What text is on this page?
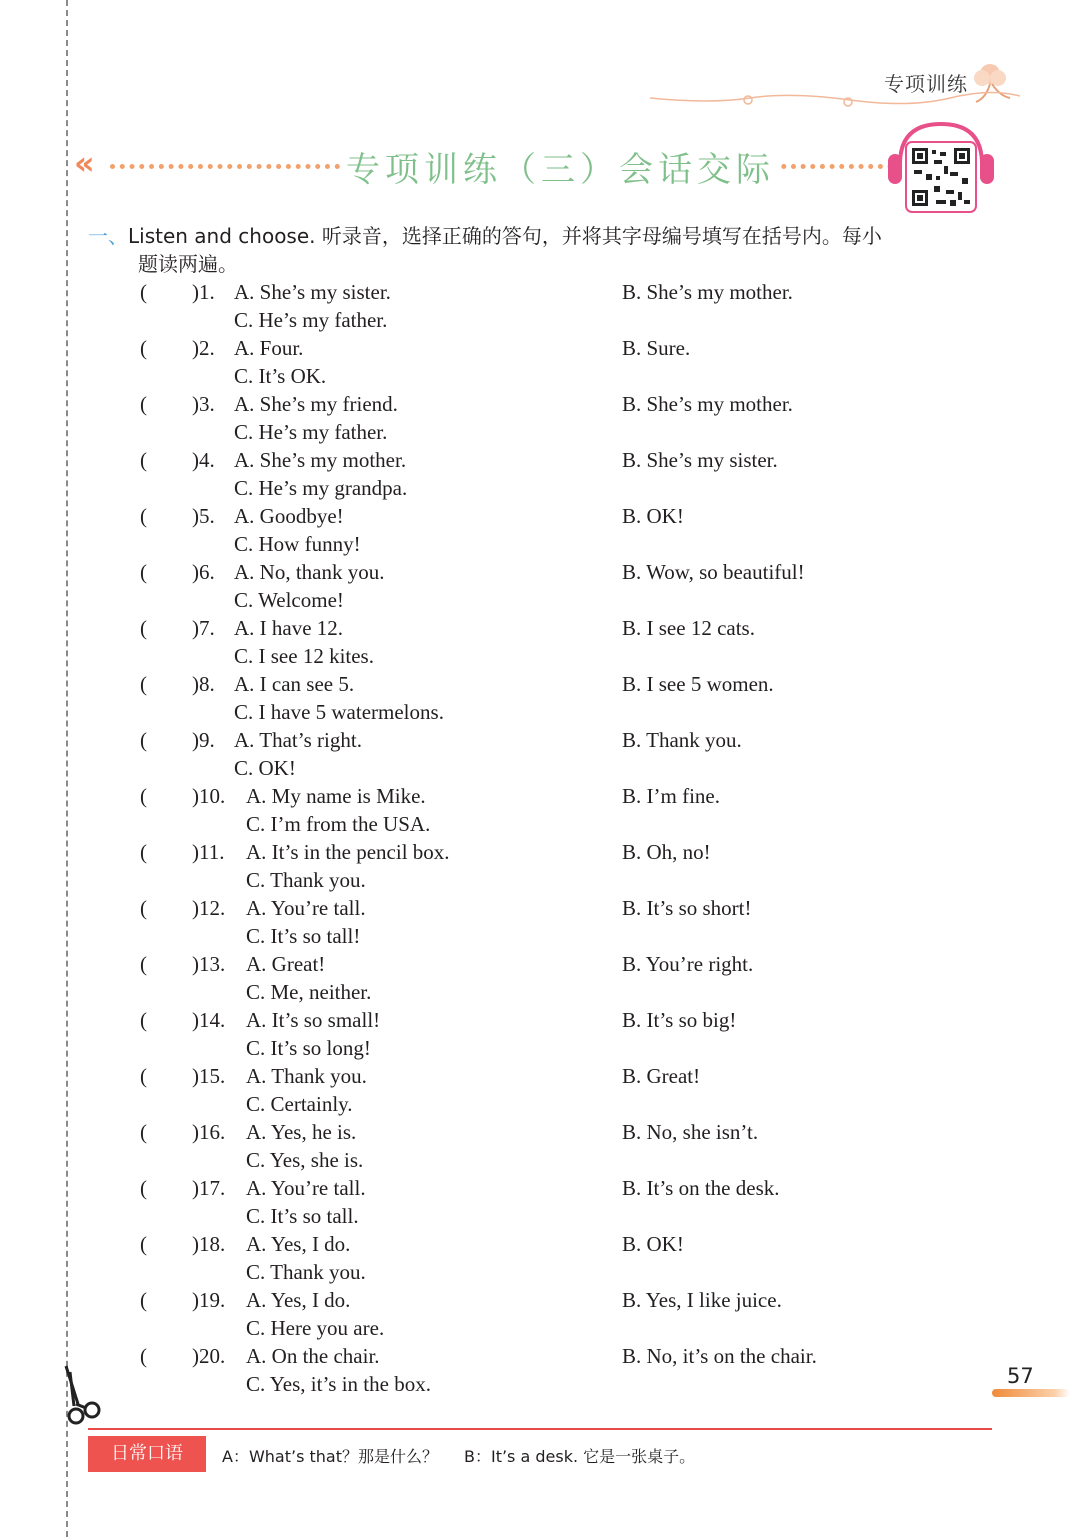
专项训练
«	专项训练（三）会话交际
一、Listen and choose. 听录音，选择正确的答句，并将其字母编号填写在括号内。每小
题读两遍。
( )1. A. She’s my sister.	B. She’s my mother.
C. He’s my father.
( )2. A. Four.	B. Sure.
C. It’s OK.
( )3. A. She’s my friend.	B. She’s my mother.
C. He’s my father.
( )4. A. She’s my mother.	B. She’s my sister.
C. He’s my grandpa.
( )5. A. Goodbye!	B. OK!
C. How funny!
( )6. A. No, thank you.	B. Wow, so beautiful!
C. Welcome!
( )7. A. I have 12.	B. I see 12 cats.
C. I see 12 kites.
( )8. A. I can see 5.	B. I see 5 women.
C. I have 5 watermelons.
( )9. A. That’s right.	B. Thank you.
C. OK!
( )10. A. My name is Mike.	B. I’m fine.
C. I’m from the USA.
( )11. A. It’s in the pencil box.	B. Oh, no!
C. Thank you.
( )12. A. You’re tall.	B. It’s so short!
C. It’s so tall!
( )13. A. Great!	B. You’re right.
C. Me, neither.
( )14. A. It’s so small!	B. It’s so big!
C. It’s so long!
( )15. A. Thank you.	B. Great!
C. Certainly.
( )16. A. Yes, he is.	B. No, she isn’t.
C. Yes, she is.
( )17. A. You’re tall.	B. It’s on the desk.
C. It’s so tall.
( )18. A. Yes, I do.	B. OK!
C. Thank you.
( )19. A. Yes, I do.	B. Yes, I like juice.
C. Here you are.
( )20. A. On the chair.	B. No, it’s on the chair.
C. Yes, it’s in the box.	57
日常口语	A：What’s that？那是什么？ B：It’s a desk. 它是一张桌子。
